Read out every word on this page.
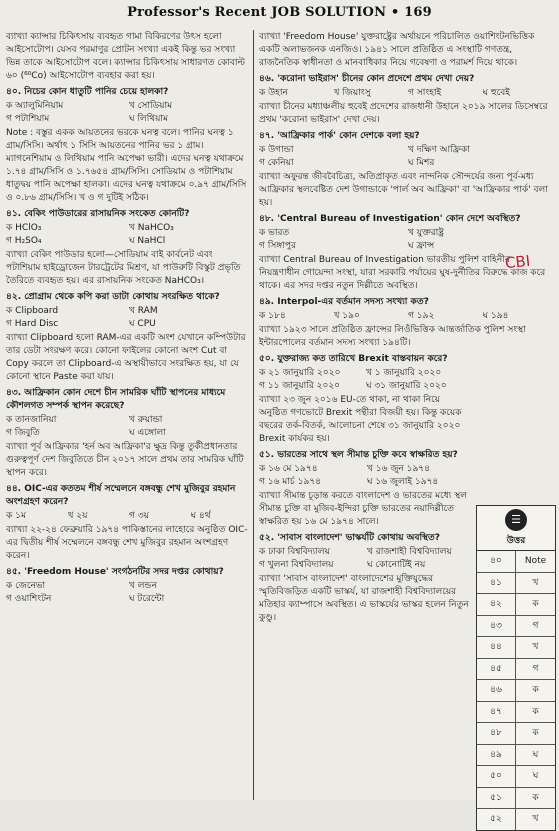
Professor's Recent JOB SOLUTION • 169
ব্যাখ্যা ক্যান্সার চিকিৎসায় ব্যবহৃত গামা বিকিরণের উৎস হলো আইসোটোপ। যেসব পরমাণুর প্রোটন সংখ্যা একই কিন্তু ভর সংখ্যা ভিন্ন তাকে আইসোটোপ বলে। ক্যান্সার চিকিৎসায় সাধারণত কোবাল্ট ৬০ (⁶⁰Co) আইসোটোপ ব্যবহার করা হয়।
৪০. নিচের কোন ধাতুটি পানির চেয়ে হালকা?
ক অ্যালুমিনিয়াম	খ সোডিয়াম
গ পটাশিয়াম	ঘ লিথিয়াম
Note : বস্তুর একক আয়তনের ভরকে ঘনত্ব বলে। পানির ঘনত্ব ১ গ্রাম/সিসি। অর্থাৎ ১ সিসি আয়তনের পানির ভর ১ গ্রাম। ম্যাগনেশিয়াম ও লিথিয়াম পানি অপেক্ষা ভারী। এদের ঘনত্ব যথাক্রমে ১.৭৪ গ্রাম/সিসি ও ১.৭৬৫৪ গ্রাম/সিসি। সোডিয়াম ও পটাশিয়াম ধাতুদ্বয় পানি অপেক্ষা হালকা। এদের ঘনত্ব যথাক্রমে ০.৯৭ গ্রাম/সিসি ও ০.৮৬ গ্রাম/সিসি। খ ও গ দুটিই সঠিক।
৪১. বেকিং পাউডারের রাসায়নিক সংকেত কোনটি?
ক HClO₃	খ NaHCO₃
গ H₂SO₄	ঘ NaHCl
ব্যাখ্যা বেকিং পাউডার হলো—সোডিয়াম বাই কার্বনেট এবং পটাশিয়াম হাইড্রোজেন টারট্রেটের মিশ্রণ, যা পাউরুটি বিস্কুট প্রভৃতি তৈরিতে ব্যবহৃত হয়। এর রাসায়নিক সংকেত NaHCO₃।
৪২. প্রোগ্রাম থেকে কপি করা ডাটা কোথায় সংরক্ষিত থাকে?
ক Clipboard	খ RAM
গ Hard Disc	ঘ CPU
ব্যাখ্যা Clipboard হলো RAM-এর একটি অংশ যেখানে কম্পিউটার তার ডেটা সংরক্ষণ করে। কোনো ফাইলের কোনো অংশ Cut বা Copy করলে তা Clipboard-এ অস্থায়ীভাবে সংরক্ষিত হয়, যা যে কোনো স্থানে Paste করা যায়।
৪৩. আফ্রিকান কোন দেশে চীন সামরিক ঘাঁটি স্থাপনের মাধ্যমে কৌশলগত সম্পর্ক স্থাপন করেছে?
ক তানজানিয়া	খ রুয়ান্ডা
গ জিবুতি	ঘ এঙ্গোলা
ব্যাখ্যা পূর্ব আফ্রিকার 'হর্ন অব আফ্রিকা'র ক্ষুদ্র কিন্তু তুর্কীপ্রধানতার গুরুত্বপূর্ণ দেশ জিবুতিতে চীন ২০১৭ সালে প্রথম তার সামরিক ঘাঁটি স্থাপন করে।
৪৪. OIC-এর কততম শীর্ষ সম্মেলনে বঙ্গবন্ধু শেখ মুজিবুর রহমান অংশগ্রহণ করেন?
ক ১ম	খ ২য়	গ ৩য়	ঘ ৪র্থ
ব্যাখ্যা ২২-২৪ ফেব্রুয়ারি ১৯৭৪ পাকিস্তানের লাহোরে অনুষ্ঠিত OIC-এর দ্বিতীয় শীর্ষ সম্মেলনে বঙ্গবন্ধু শেখ মুজিবুর রহমান অংশগ্রহণ করেন।
৪৫. 'Freedom House' সংগঠনটির সদর দপ্তর কোথায়?
ক জেনেভা	খ লন্ডন
গ ওয়াশিংটন	ঘ টরেন্টো
ব্যাখ্যা 'Freedom House' যুক্তরাষ্ট্রের অর্থায়নে পরিচালিত ওয়াশিংটনভিত্তিক একটি অলাভজনক এনজিও। ১৯৪১ সালে প্রতিষ্ঠিত এ সংস্থাটি গণতন্ত্র, রাজনৈতিক স্বাধীনতা ও মানবাধিকার নিয়ে গবেষণা ও পরামর্শ দিয়ে থাকে।
৪৬. 'করোনা ভাইরাস' চীনের কোন প্রদেশে প্রথম দেখা দেয়?
ক উহান	খ জিয়াংসু	গ সাংহাই	ঘ হুবেই
ব্যাখ্যা চীনের মধ্যাঞ্চলীয় হুবেই প্রদেশের রাজধানী উহানে ২০১৯ সালের ডিসেম্বরে প্রথম 'করোনা ভাইরাস' দেখা দেয়।
৪৭. 'আফ্রিকার পার্ক' কোন দেশকে বলা হয়?
ক উগান্ডা	খ দক্ষিণ আফ্রিকা
গ কেনিয়া	ঘ মিশর
ব্যাখ্যা অফুরন্ত জীববৈচিত্র্য, অতিপ্রাকৃত এবং নান্দনিক সৌন্দর্যের জন্য পূর্ব-মধ্য আফ্রিকার স্থলবেষ্টিত দেশ উগান্ডাকে 'পার্ল অব আফ্রিকা' বা 'আফ্রিকার পার্ক' বলা হয়।
৪৮. 'Central Bureau of Investigation' কোন দেশে অবস্থিত?
ক ভারত	খ যুক্তরাষ্ট্র
গ সিঙ্গাপুর	ঘ ফ্রান্স
ব্যাখ্যা Central Bureau of Investigation ভারতীয় পুলিশ বাহিনীর নিয়ন্ত্রণাধীন গোয়েন্দা সংস্থা, যারা সরকারি পর্যায়ের ঘুষ-দুর্নীতির বিরুদ্ধে কাজ করে থাকে। এর সদর দপ্তর নতুন দিল্লীতে অবস্থিত।
৪৯. Interpol-এর বর্তমান সদস্য সংখ্যা কত?
ক ১৮৪	খ ১৯০	গ ১৯২	ঘ ১৯৪
ব্যাখ্যা ১৯২৩ সালে প্রতিষ্ঠিত ফ্রান্সের লিওঁভিত্তিক আন্তর্জাতিক পুলিশ সংস্থা ইন্টারপোলের বর্তমান সদস্য সংখ্যা ১৯৪টি।
৫০. যুক্তরাজ্য কত তারিখে Brexit বাস্তবায়ন করে?
ক ২১ জানুয়ারি ২০২০	খ ১ জানুয়ারি ২০২০
গ ১১ জানুয়ারি ২০২০	ঘ ৩১ জানুয়ারি ২০২০
ব্যাখ্যা ২৩ জুন ২০১৬ EU-তে থাকা, না থাকা নিয়ে অনুষ্ঠিত গণভোটে Brexit পন্থীরা বিজয়ী হয়। কিন্তু কয়েক বছরের তর্ক-বিতর্ক, আলোচনা শেষে ৩১ জানুয়ারি ২০২০ Brexit কার্যকর হয়।
৫১. ভারতের সাথে স্থল সীমান্ত চুক্তি কবে স্বাক্ষরিত হয়?
ক ১৬ মে ১৯৭৪	খ ১৬ জুন ১৯৭৪
গ ১৬ মার্চ ১৯৭৪	ঘ ১৬ জুলাই ১৯৭৪
ব্যাখ্যা সীমান্ত চূড়ান্ত করতে বাংলাদেশ ও ভারতের মধ্যে স্থল সীমান্ত চুক্তি বা মুজিব-ইন্দিরা চুক্তি ভারতের নয়াদিল্লীতে স্বাক্ষরিত হয় ১৬ মে ১৯৭৪ সালে।
৫২. 'সাবাস বাংলাদেশ' ভাস্কর্যটি কোথায় অবস্থিত?
ক ঢাকা বিশ্ববিদ্যালয়	খ রাজশাহী বিশ্ববিদ্যালয়
গ খুলনা বিশ্ববিদ্যালয়	ঘ কোনোটিই নয়
ব্যাখ্যা 'সাবাস বাংলাদেশ' বাংলাদেশের মুক্তিযুদ্ধের স্মৃতিবিজড়িত একটি ভাস্কর্য, যা রাজশাহী বিশ্ববিদ্যালয়ের মতিহার ক্যাম্পাসে অবস্থিত। এ ভাস্কর্যের ভাস্কর হলেন নিতুন কুণ্ডু।
CBI
☰
উত্তর
৪০	Note
৪১	খ
৪২	ক
৪৩	গ
৪৪	খ
৪৫	গ
৪৬	ক
৪৭	ক
৪৮	ক
৪৯	ঘ
৫০	ঘ
৫১	ক
৫২	খ
